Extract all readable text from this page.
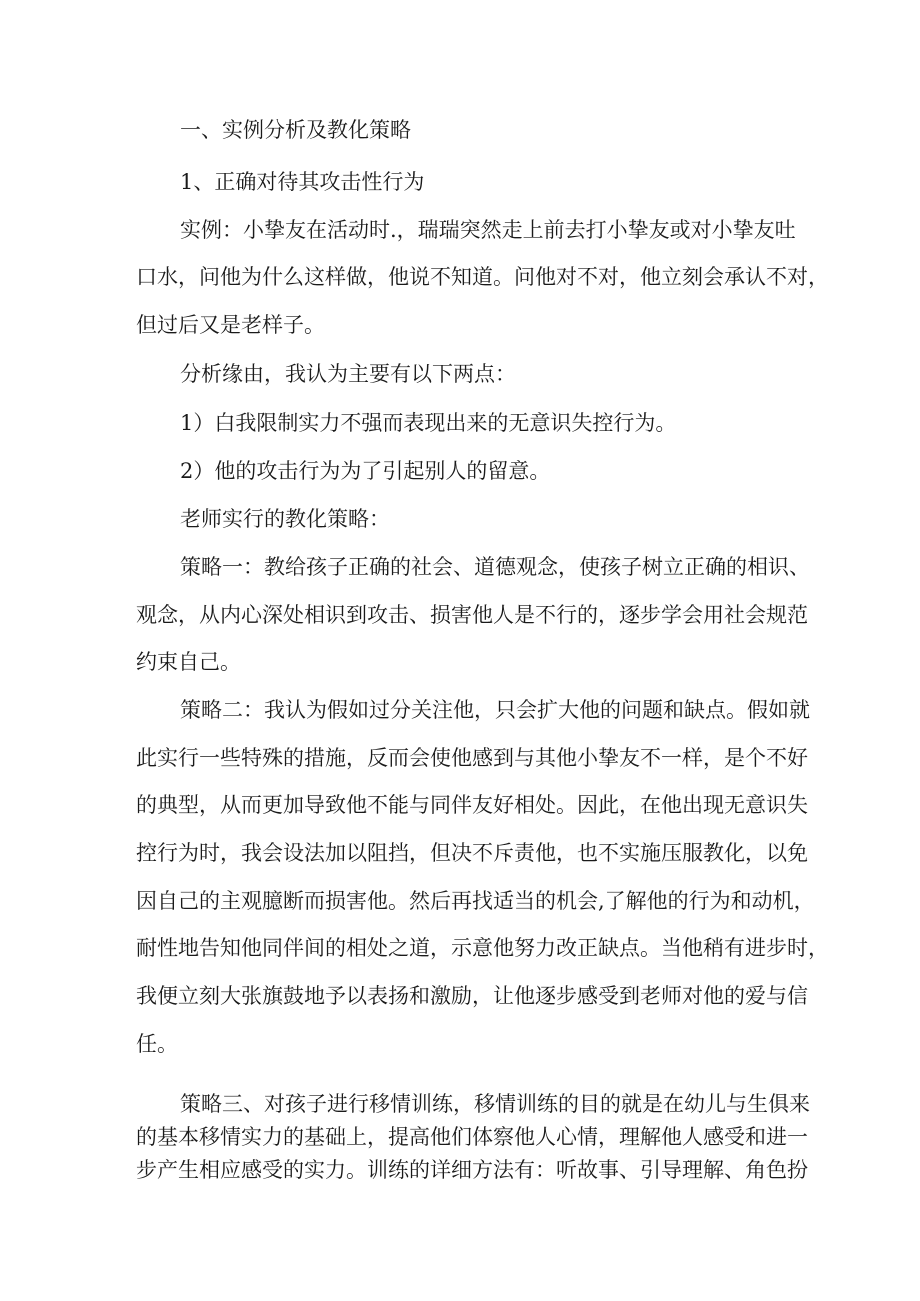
一、实例分析及教化策略

1、正确对待其攻击性行为

实例：小挚友在活动时.，瑞瑞突然走上前去打小挚友或对小挚友吐

口水，问他为什么这样做，他说不知道。问他对不对，他立刻会承认不对，

但过后又是老样子。

分析缘由，我认为主要有以下两点：

1）白我限制实力不强而表现出来的无意识失控行为。

2）他的攻击行为为了引起别人的留意。

老师实行的教化策略：

策略一：教给孩子正确的社会、道德观念，使孩子树立正确的相识、

观念，从内心深处相识到攻击、损害他人是不行的，逐步学会用社会规范

约束自己。

策略二：我认为假如过分关注他，只会扩大他的问题和缺点。假如就

此实行一些特殊的措施，反而会使他感到与其他小挚友不一样，是个不好

的典型，从而更加导致他不能与同伴友好相处。因此，在他出现无意识失

控行为时，我会设法加以阻挡，但决不斥责他，也不实施压服教化，以免

因自己的主观臆断而损害他。然后再找适当的机会,了解他的行为和动机，

耐性地告知他同伴间的相处之道，示意他努力改正缺点。当他稍有进步时，

我便立刻大张旗鼓地予以表扬和激励，让他逐步感受到老师对他的爱与信

任。

策略三、对孩子进行移情训练，移情训练的目的就是在幼儿与生俱来

的基本移情实力的基础上，提高他们体察他人心情，理解他人感受和进一

步产生相应感受的实力。训练的详细方法有：听故事、引导理解、角色扮
